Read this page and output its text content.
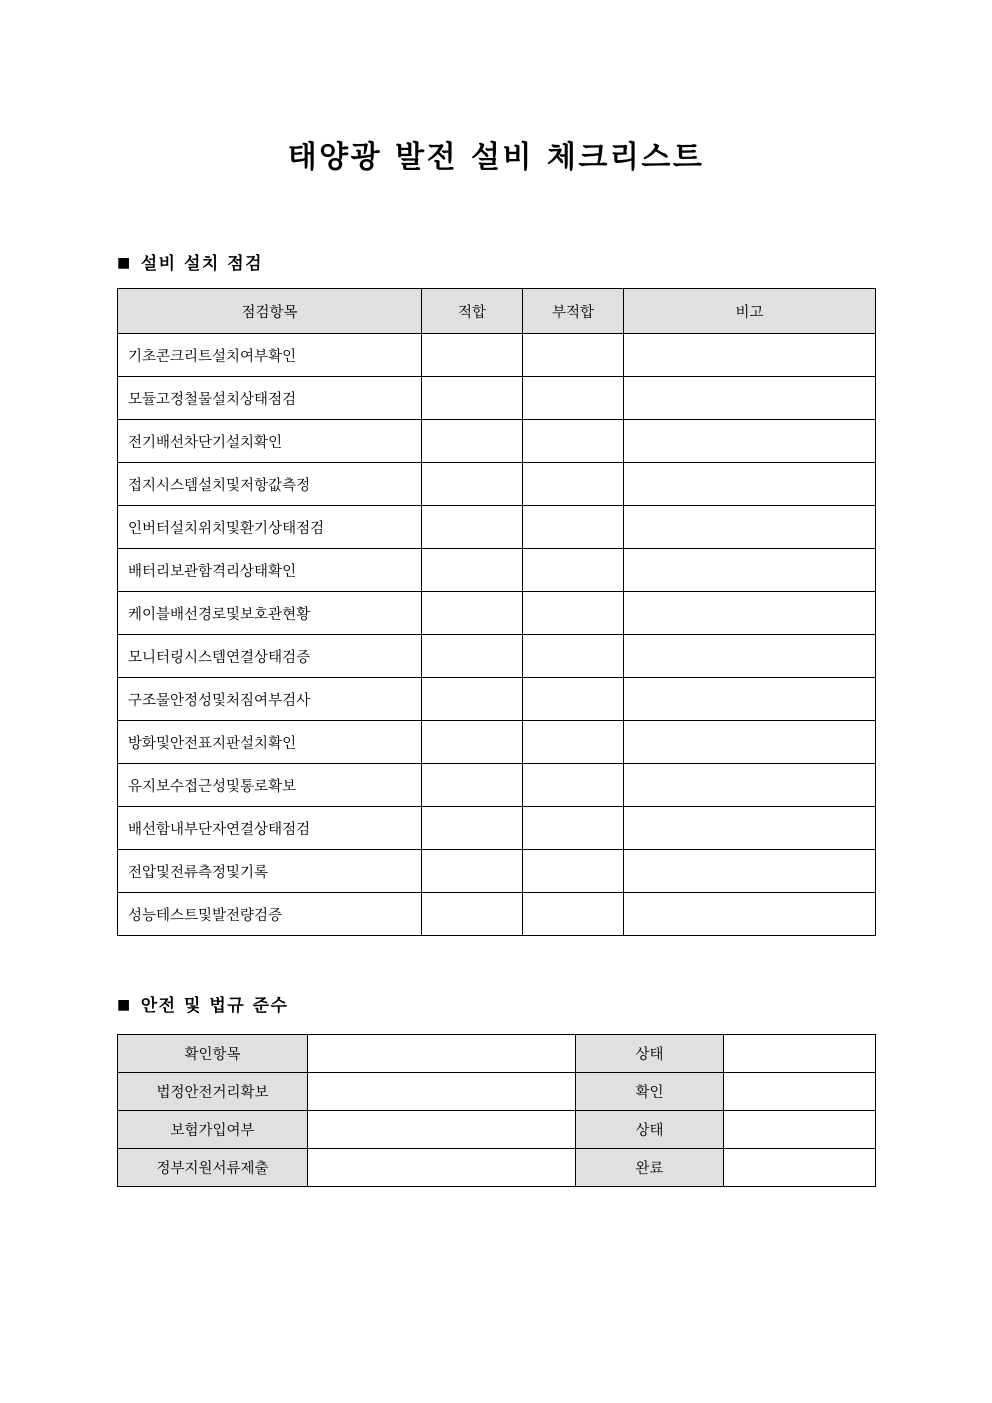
태양광 발전 설비 체크리스트
■ 설비 설치 점검
점검항목	적합	부적합	비고
기초콘크리트설치여부확인			
모듈고정철물설치상태점검			
전기배선차단기설치확인			
접지시스템설치및저항값측정			
인버터설치위치및환기상태점검			
배터리보관함격리상태확인			
케이블배선경로및보호관현황			
모니터링시스템연결상태검증			
구조물안정성및처짐여부검사			
방화및안전표지판설치확인			
유지보수접근성및통로확보			
배선함내부단자연결상태점검			
전압및전류측정및기록			
성능테스트및발전량검증			
■ 안전 및 법규 준수
확인항목		상태	
법정안전거리확보		확인	
보험가입여부		상태	
정부지원서류제출		완료	
